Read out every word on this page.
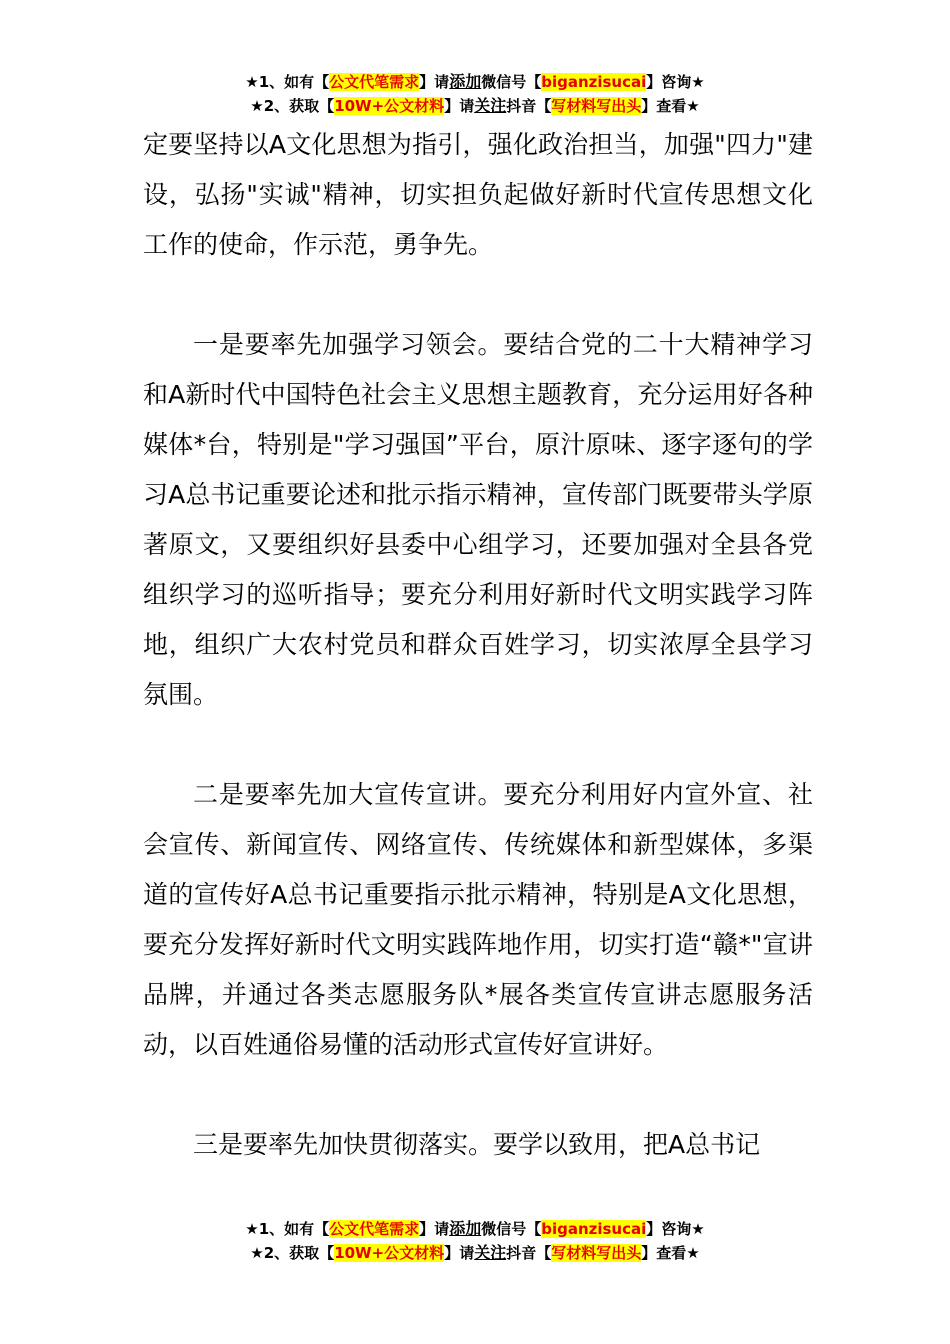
★1、如有【公文代笔需求】请添加微信号【biganzisucai】咨询★
★2、获取【10W+公文材料】请关注抖音【写材料写出头】查看★

定要坚持以A文化思想为指引，强化政治担当，加强"四力"建设，弘扬"实诚"精神，切实担负起做好新时代宣传思想文化工作的使命，作示范，勇争先。

一是要率先加强学习领会。要结合党的二十大精神学习和A新时代中国特色社会主义思想主题教育，充分运用好各种媒体*台，特别是"学习强国”平台，原汁原味、逐字逐句的学习A总书记重要论述和批示指示精神，宣传部门既要带头学原著原文，又要组织好县委中心组学习，还要加强对全县各党组织学习的巡听指导；要充分利用好新时代文明实践学习阵地，组织广大农村党员和群众百姓学习，切实浓厚全县学习氛围。

二是要率先加大宣传宣讲。要充分利用好内宣外宣、社会宣传、新闻宣传、网络宣传、传统媒体和新型媒体，多渠道的宣传好A总书记重要指示批示精神，特别是A文化思想，要充分发挥好新时代文明实践阵地作用，切实打造“赣*"宣讲品牌，并通过各类志愿服务队*展各类宣传宣讲志愿服务活动，以百姓通俗易懂的活动形式宣传好宣讲好。

三是要率先加快贯彻落实。要学以致用，把A总书记

★1、如有【公文代笔需求】请添加微信号【biganzisucai】咨询★
★2、获取【10W+公文材料】请关注抖音【写材料写出头】查看★
